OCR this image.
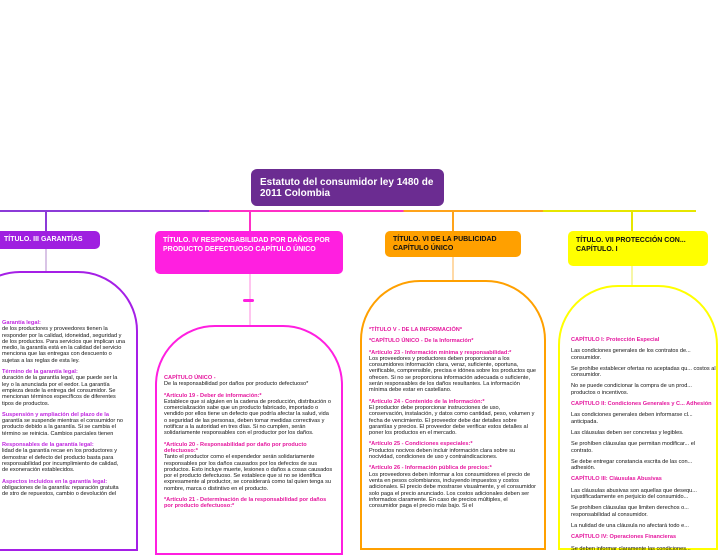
Estatuto del consumidor ley 1480 de 2011 Colombia
TÍTULO. III GARANTÍAS	TÍTULO. IV RESPONSABILIDAD POR DAÑOS POR PRODUCTO DEFECTUOSO CAPÍTULO ÚNICO
TÍTULO. VI DE LA PUBLICIDAD CAPÍTULO ÚNICO
TÍTULO. VII PROTECCIÓN CON... CAPÍTULO. I

Garantía legal:
de los productores y proveedores tienen la responder por la calidad, idoneidad, seguridad y de los productos. Para servicios que implican una medio, la garantía está en la calidad del servicio menciona que las entregas con descuento o sujetas a las reglas de esta ley.

Término de la garantía legal:
duración de la garantía legal, que puede ser la ley o la anunciada por el eedor. La garantía empieza desde la entrega del consumidor. Se mencionan términos específicos de diferentes tipos de productos.

Suspensión y ampliación del plazo de la
garantía se suspende mientras el consumidor no producto debido a la garantía. Si se cambia el término se reinicia. Cambios parciales tienen

Responsables de la garantía legal:
lidad de la garantía recae en los productores y demostrar el defecto del producto basta para responsabilidad por incumplimiento de calidad, de exoneración establecidos.

Aspectos incluidos en la garantía legal:
obligaciones de la garantía: reparación gratuita de stro de repuestos, cambio o devolución del

CAPÍTULO ÚNICO -
De la responsabilidad por daños por producto defectuoso*

*Artículo 19 - Deber de información:*
Establece que si alguien en la cadena de producción, distribución o comercialización sabe que un producto fabricado, importado o vendido por ellos tiene un defecto que podría afectar la salud, vida o seguridad de las personas, deben tomar medidas correctivas y notificar a la autoridad en tres días. Si no cumplen, serán solidariamente responsables con el productor por los daños.

*Artículo 20 - Responsabilidad por daño por producto defectuoso:*
Tanto el productor como el expendedor serán solidariamente responsables por los daños causados por los defectos de sus productos. Esto incluye muerte, lesiones o daños a cosas causados por el producto defectuoso. Se establece que si no se identifica expresamente al productor, se considerará como tal quien tenga su nombre, marca o distintivo en el producto.

*Artículo 21 - Determinación de la responsabilidad por daños por producto defectuoso:*

*TÍTULO V - DE LA INFORMACIÓN*

*CAPÍTULO ÚNICO - De la Información*

*Artículo 23 - Información mínima y responsabilidad:*
Los proveedores y productores deben proporcionar a los consumidores información clara, veraz, suficiente, oportuna, verificable, comprensible, precisa e idónea sobre los productos que ofrecen. Si no se proporciona información adecuada o suficiente, serán responsables de los daños resultantes. La información mínima debe estar en castellano.

*Artículo 24 - Contenido de la información:*
El productor debe proporcionar instrucciones de uso, conservación, instalación, y datos como cantidad, peso, volumen y fecha de vencimiento. El proveedor debe dar detalles sobre garantías y precios. El proveedor debe verificar estos detalles al poner los productos en el mercado.

*Artículo 25 - Condiciones especiales:*
Productos nocivos deben incluir información clara sobre su nocividad, condiciones de uso y contraindicaciones.

*Artículo 26 - Información pública de precios:*
Los proveedores deben informar a los consumidores el precio de venta en pesos colombianos, incluyendo impuestos y costos adicionales. El precio debe mostrarse visualmente, y el consumidor solo paga el precio anunciado. Los costos adicionales deben ser informados claramente. En caso de precios múltiples, el consumidor paga el precio más bajo. Si el

CAPÍTULO I: Protección Especial

Las condiciones generales de los contratos de... consumidor.

Se prohíbe establecer ofertas no aceptadas qu... costos al consumidor.

No se puede condicionar la compra de un prod... productos o incentivos.

CAPÍTULO II: Condiciones Generales y C... Adhesión

Las condiciones generales deben informarse cl... anticipada.

Las cláusulas deben ser concretas y legibles.

Se prohíben cláusulas que permitan modificar... el contrato.

Se debe entregar constancia escrita de las con... adhesión.

CAPÍTULO III: Cláusulas Abusivas

Las cláusulas abusivas son aquellas que desequ... injustificadamente en perjuicio del consumido...

Se prohíben cláusulas que limiten derechos o... responsabilidad al consumidor.

La nulidad de una cláusula no afectará todo e...

CAPÍTULO IV: Operaciones Financieras

Se deben informar claramente las condiciones...
